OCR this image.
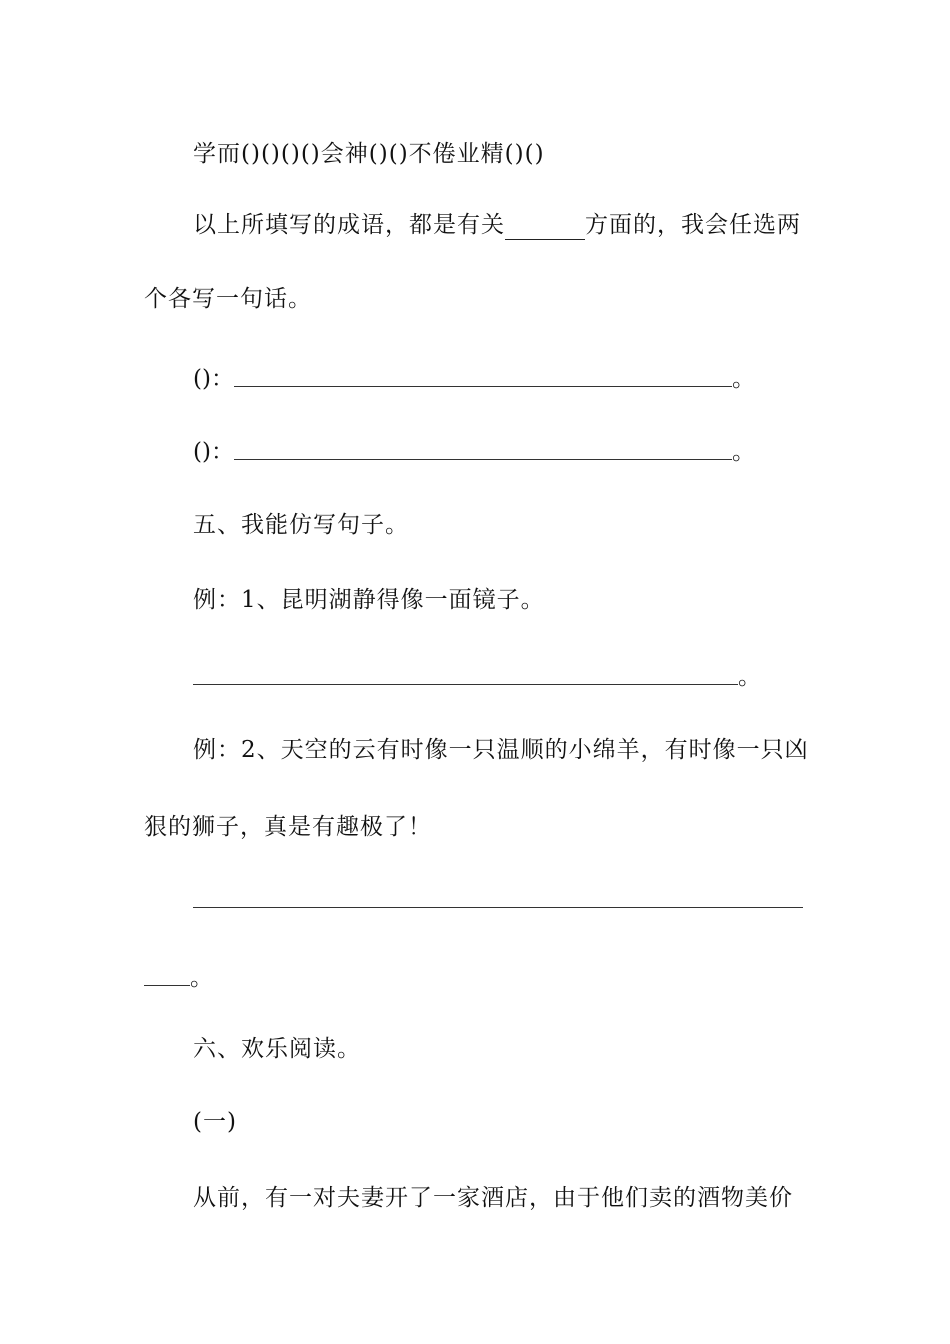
学而()()()()会神()()不倦业精()()
以上所填写的成语，都是有关	方面的，我会任选两
个各写一句话。
()：	。
()：	。
五、我能仿写句子。
例：1、昆明湖静得像一面镜子。
。
例：2、天空的云有时像一只温顺的小绵羊，有时像一只凶
狠的狮子，真是有趣极了！
。
六、欢乐阅读。
(一)
从前，有一对夫妻开了一家酒店，由于他们卖的酒物美价
